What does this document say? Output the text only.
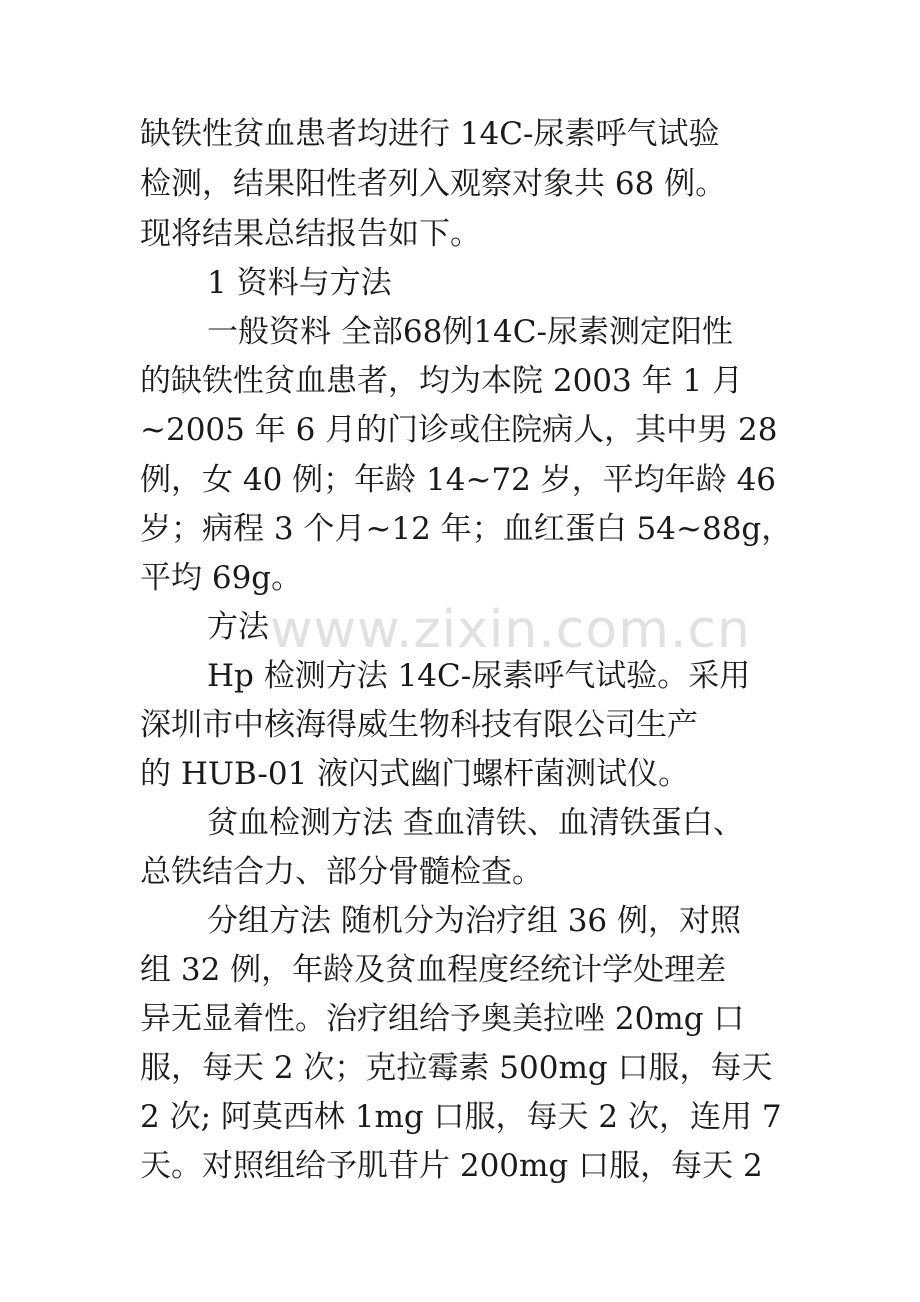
www.zixin.com.cn
缺铁性贫血患者均进行 14C-尿素呼气试验
检测，结果阳性者列入观察对象共 68 例。
现将结果总结报告如下。
1 资料与方法
一般资料 全部68例14C-尿素测定阳性
的缺铁性贫血患者，均为本院 2003 年 1 月
~2005 年 6 月的门诊或住院病人，其中男 28
例，女 40 例；年龄 14~72 岁，平均年龄 46
岁；病程 3 个月~12 年；血红蛋白 54~88g，
平均 69g。
方法
Hp 检测方法 14C-尿素呼气试验。采用
深圳市中核海得威生物科技有限公司生产
的 HUB-01 液闪式幽门螺杆菌测试仪。
贫血检测方法 查血清铁、血清铁蛋白、
总铁结合力、部分骨髓检查。
分组方法 随机分为治疗组 36 例，对照
组 32 例，年龄及贫血程度经统计学处理差
异无显着性。治疗组给予奥美拉唑 20mg 口
服，每天 2 次；克拉霉素 500mg 口服，每天
2 次; 阿莫西林 1mg 口服，每天 2 次，连用 7
天。对照组给予肌苷片 200mg 口服，每天 2
